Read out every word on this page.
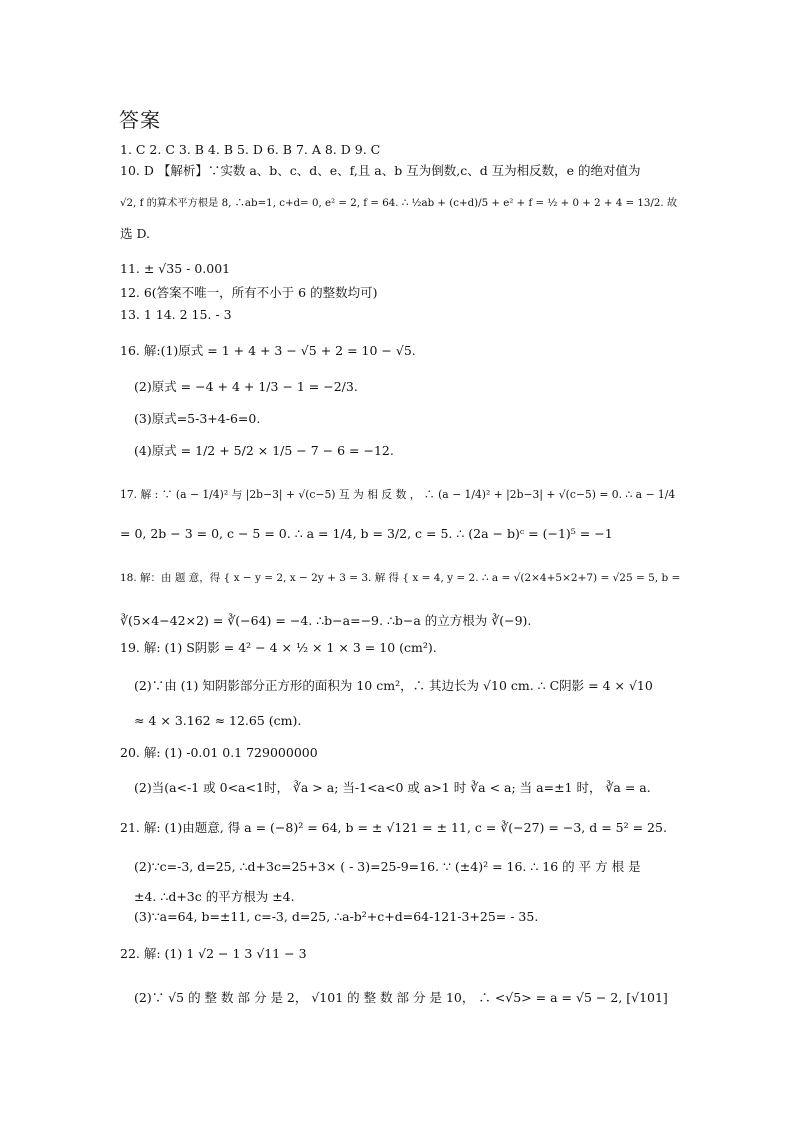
答案
1. C 2. C 3. B 4. B 5. D 6. B 7. A 8. D 9. C
10. D 【解析】∵实数 a、b、c、d、e、f,且 a、b 互为倒数,c、d 互为相反数，e 的绝对值为
√2, f 的算术平方根是 8, ∴ab=1, c+d= 0, e² = 2, f = 64. ∴ ½ab + (c+d)/5 + e² + f = ½ + 0 + 2 + 4 = 13/2. 故
选 D.
11. ± √35 - 0.001
12. 6(答案不唯一，所有不小于 6 的整数均可)
13. 1 14. 2 15. - 3
16. 解:(1)原式 = 1 + 4 + 3 − √5 + 2 = 10 − √5.
(2)原式 = −4 + 4 + 1/3 − 1 = −2/3.
(3)原式=5-3+4-6=0.
(4)原式 = 1/2 + 5/2 × 1/5 − 7 − 6 = −12.
17. 解 : ∵ (a − 1/4)² 与 |2b−3| + √(c−5) 互 为 相 反 数 ， ∴ (a − 1/4)² + |2b−3| + √(c−5) = 0. ∴ a − 1/4
= 0, 2b − 3 = 0, c − 5 = 0. ∴ a = 1/4, b = 3/2, c = 5. ∴ (2a − b)ᶜ = (−1)⁵ = −1
18. 解：由 题 意，得 { x − y = 2, x − 2y + 3 = 3. 解 得 { x = 4, y = 2. ∴ a = √(2×4+5×2+7) = √25 = 5, b =
∛(5×4−42×2) = ∛(−64) = −4. ∴b−a=−9. ∴b−a 的立方根为 ∛(−9).
19. 解: (1) S阴影 = 4² − 4 × ½ × 1 × 3 = 10 (cm²).
(2)∵由 (1) 知阴影部分正方形的面积为 10 cm²，∴ 其边长为 √10 cm. ∴ C阴影 = 4 × √10
≈ 4 × 3.162 ≈ 12.65 (cm).
20. 解: (1) -0.01 0.1 729000000
(2)当(a<-1 或 0<a<1时， ∛a > a; 当-1<a<0 或 a>1 时 ∛a < a; 当 a=±1 时， ∛a = a.
21. 解: (1)由题意, 得 a = (−8)² = 64, b = ± √121 = ± 11, c = ∛(−27) = −3, d = 5² = 25.
(2)∵c=-3, d=25, ∴d+3c=25+3× ( - 3)=25-9=16. ∵ (±4)² = 16. ∴ 16 的 平 方 根 是
±4. ∴d+3c 的平方根为 ±4.
(3)∵a=64, b=±11, c=-3, d=25, ∴a-b²+c+d=64-121-3+25= - 35.
22. 解: (1) 1 √2 − 1 3 √11 − 3
(2)∵ √5 的 整 数 部 分 是 2， √101 的 整 数 部 分 是 10， ∴ <√5> = a = √5 − 2, [√101]
